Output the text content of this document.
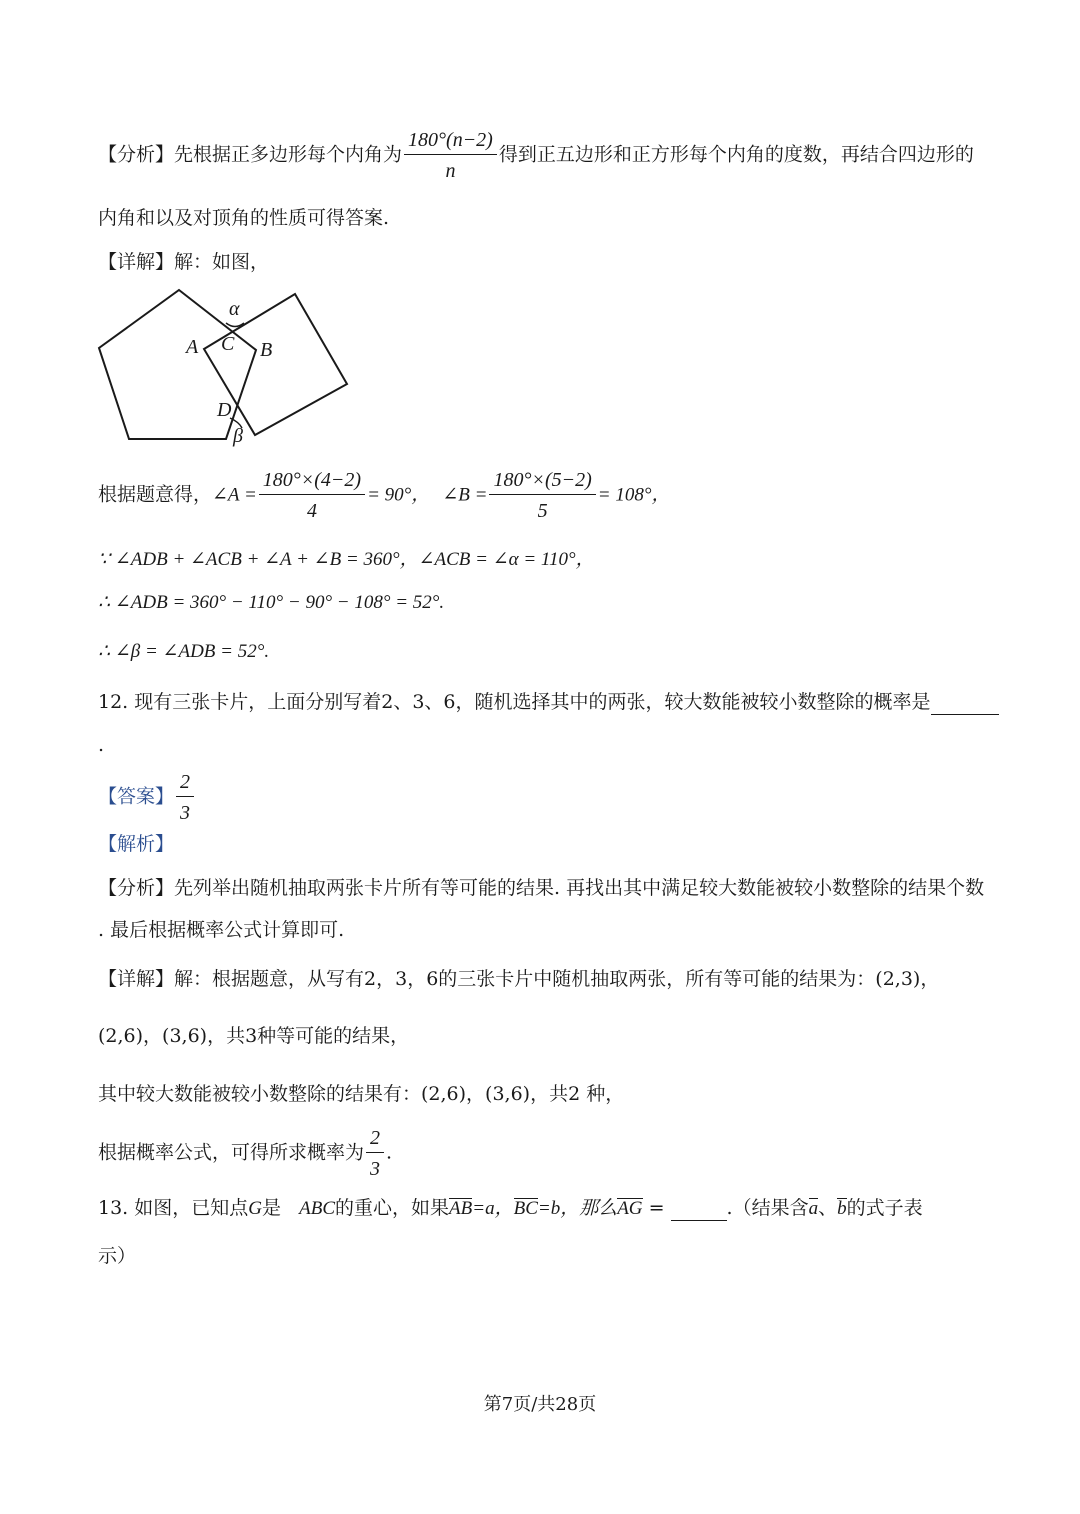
【分析】先根据正多边形每个内角为 $\frac{180^\circ(n-2)}{n}$ 得到正五边形和正方形每个内角的度数，再结合四边形的
内角和以及对顶角的性质可得答案.
【详解】解：如图，
α
A C B
D
β
根据题意得，∠A = $\frac{180^\circ\times(4-2)}{4} = 90^\circ$， ∠B = $\frac{180^\circ\times(5-2)}{5} = 108^\circ$，
∵ ∠ADB + ∠ACB + ∠A + ∠B = 360°，∠ACB = ∠α = 110°，
∴ ∠ADB = 360° − 110° − 90° − 108° = 52°.
∴ ∠β = ∠ADB = 52°.
12. 现有三张卡片，上面分别写着2、3、6，随机选择其中的两张，较大数能被较小数整除的概率是
.
【答案】 $\frac{2}{3}$
【解析】
【分析】先列举出随机抽取两张卡片所有等可能的结果. 再找出其中满足较大数能被较小数整除的结果个数
. 最后根据概率公式计算即可.
【详解】解：根据题意，从写有2，3，6的三张卡片中随机抽取两张，所有等可能的结果为：(2,3)，
(2,6)，(3,6)，共3种等可能的结果，
其中较大数能被较小数整除的结果有：(2,6)，(3,6)，共2 种，
根据概率公式，可得所求概率为 $\frac{2}{3}$ .
13. 如图，已知点G是 ABC的重心，如果AB=a，BC=b，那么AG =	.（结果含a、b的式子表
示）
第7页/共28页
